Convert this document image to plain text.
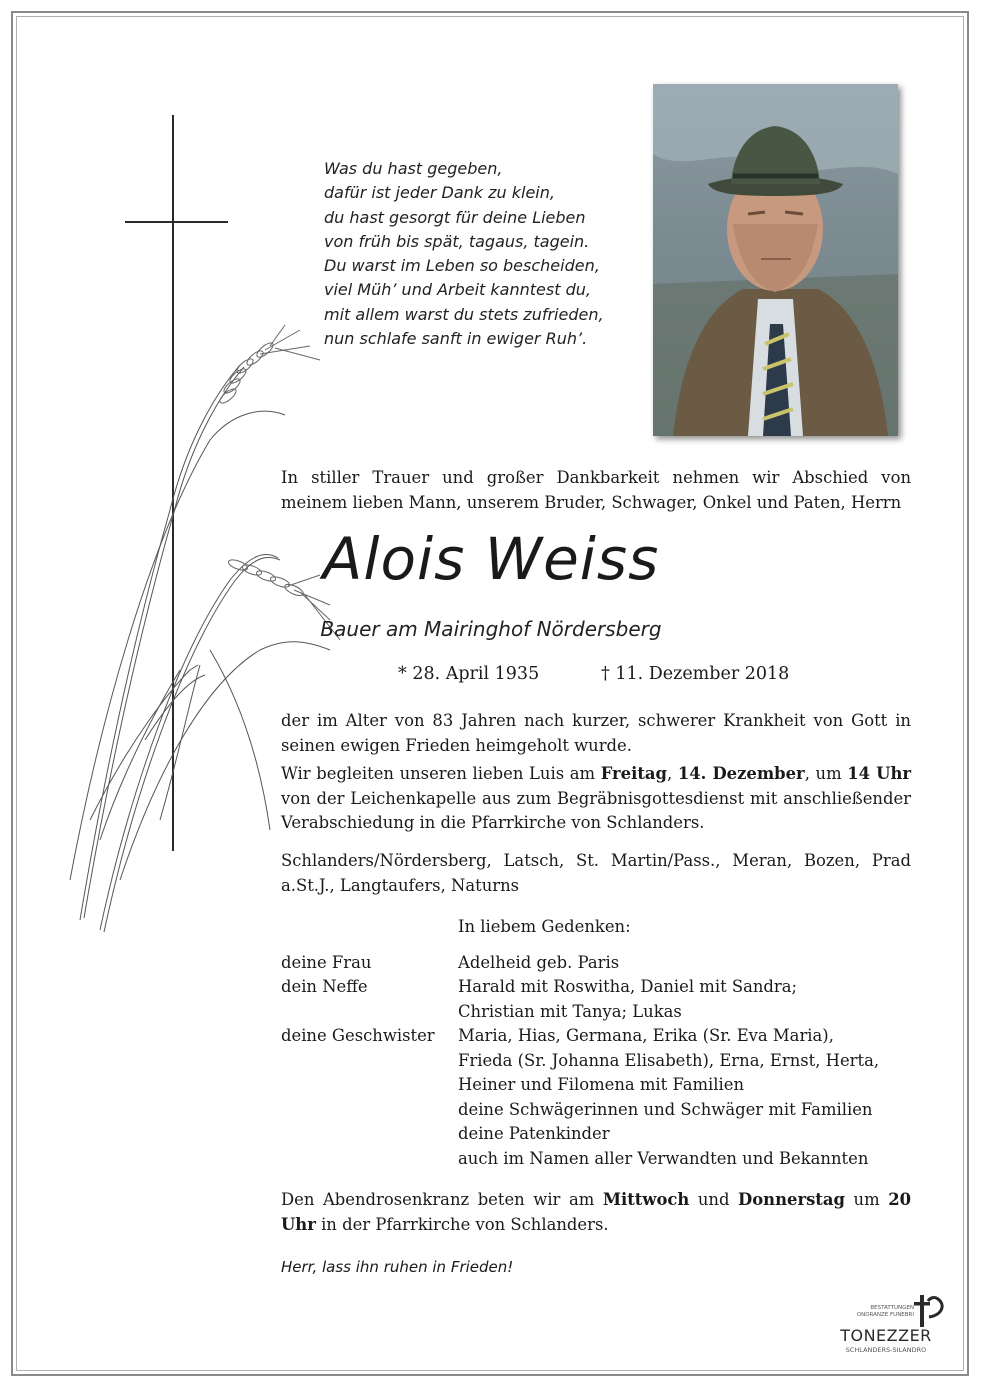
Was du hast gegeben,
dafür ist jeder Dank zu klein,
du hast gesorgt für deine Lieben
von früh bis spät, tagaus, tagein.
Du warst im Leben so bescheiden,
viel Müh’ und Arbeit kanntest du,
mit allem warst du stets zufrieden,
nun schlafe sanft in ewiger Ruh’.
In stiller Trauer und großer Dankbarkeit nehmen wir Abschied von meinem lieben Mann, unserem Bruder, Schwager, Onkel und Paten, Herrn
Alois Weiss
Bauer am Mairinghof Nördersberg
* 28. April 1935	† 11. Dezember 2018
der im Alter von 83 Jahren nach kurzer, schwerer Krankheit von Gott in seinen ewigen Frieden heimgeholt wurde.
Wir begleiten unseren lieben Luis am Freitag, 14. Dezember, um 14 Uhr von der Leichenkapelle aus zum Begräbnisgottesdienst mit anschließender Verabschiedung in die Pfarrkirche von Schlanders.
Schlanders/Nördersberg, Latsch, St. Martin/Pass., Meran, Bozen, Prad a.St.J., Langtaufers, Naturns
In liebem Gedenken:
deine Frau	Adelheid geb. Paris
dein Neffe	Harald mit Roswitha, Daniel mit Sandra;
Christian mit Tanya; Lukas
deine Geschwister Maria, Hias, Germana, Erika (Sr. Eva Maria),
Frieda (Sr. Johanna Elisabeth), Erna, Ernst, Herta,
Heiner und Filomena mit Familien
deine Schwägerinnen und Schwäger mit Familien
deine Patenkinder
auch im Namen aller Verwandten und Bekannten
Den Abendrosenkranz beten wir am Mittwoch und Donnerstag um 20 Uhr in der Pfarrkirche von Schlanders.
Herr, lass ihn ruhen in Frieden!
BESTATTUNGEN
ONORANZE FUNEBRI
TONEZZER
SCHLANDERS-SILANDRO
